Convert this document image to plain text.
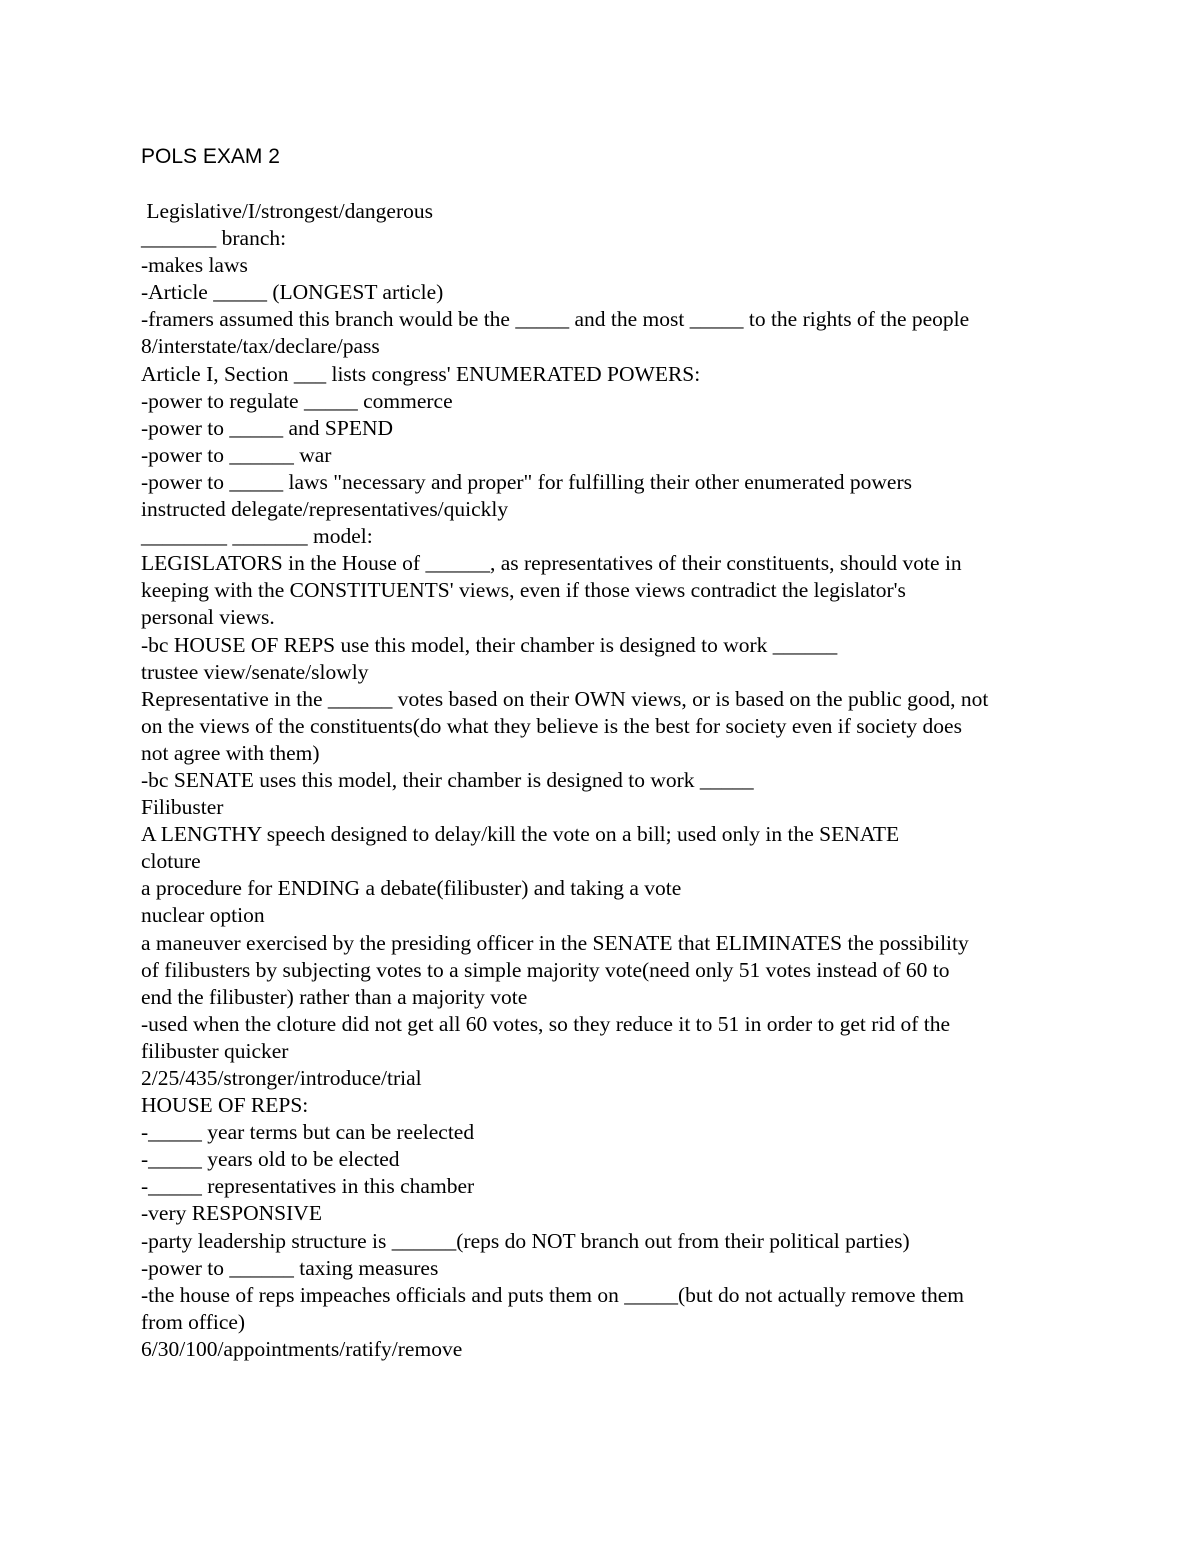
POLS EXAM 2
Legislative/I/strongest/dangerous
_______ branch:
-makes laws
-Article _____ (LONGEST article)
-framers assumed this branch would be the _____ and the most _____ to the rights of the people
8/interstate/tax/declare/pass
Article I, Section ___ lists congress' ENUMERATED POWERS:
-power to regulate _____ commerce
-power to _____ and SPEND
-power to ______ war
-power to _____ laws "necessary and proper" for fulfilling their other enumerated powers
instructed delegate/representatives/quickly
________ _______ model:
LEGISLATORS in the House of ______, as representatives of their constituents, should vote in
keeping with the CONSTITUENTS' views, even if those views contradict the legislator's
personal views.
-bc HOUSE OF REPS use this model, their chamber is designed to work ______
trustee view/senate/slowly
Representative in the ______ votes based on their OWN views, or is based on the public good, not
on the views of the constituents(do what they believe is the best for society even if society does
not agree with them)
-bc SENATE uses this model, their chamber is designed to work _____
Filibuster
A LENGTHY speech designed to delay/kill the vote on a bill; used only in the SENATE
cloture
a procedure for ENDING a debate(filibuster) and taking a vote
nuclear option
a maneuver exercised by the presiding officer in the SENATE that ELIMINATES the possibility
of filibusters by subjecting votes to a simple majority vote(need only 51 votes instead of 60 to
end the filibuster) rather than a majority vote
-used when the cloture did not get all 60 votes, so they reduce it to 51 in order to get rid of the
filibuster quicker
2/25/435/stronger/introduce/trial
HOUSE OF REPS:
-_____ year terms but can be reelected
-_____ years old to be elected
-_____ representatives in this chamber
-very RESPONSIVE
-party leadership structure is ______(reps do NOT branch out from their political parties)
-power to ______ taxing measures
-the house of reps impeaches officials and puts them on _____(but do not actually remove them
from office)
6/30/100/appointments/ratify/remove
